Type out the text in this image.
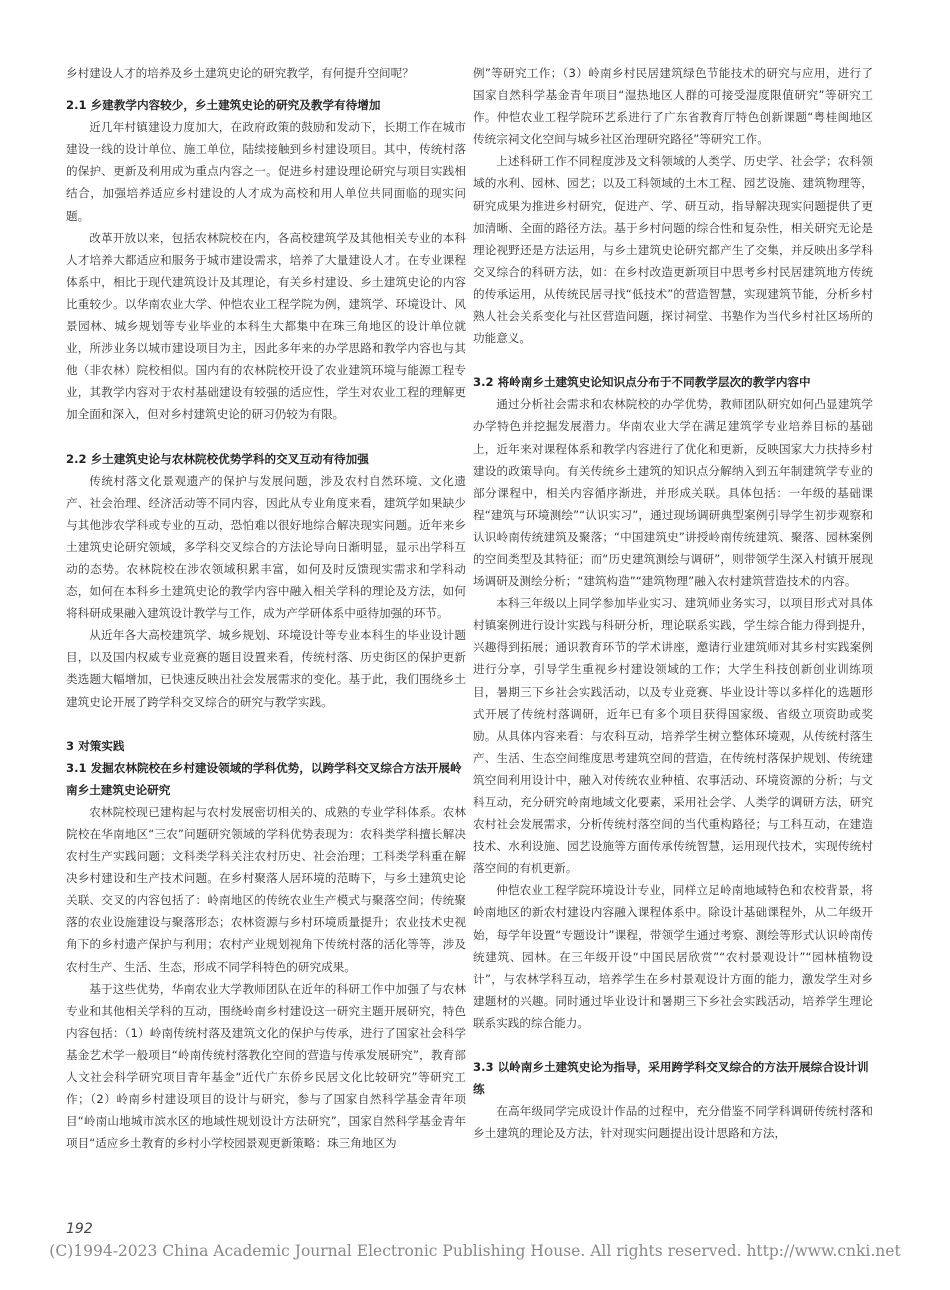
乡村建设人才的培养及乡土建筑史论的研究教学，有何提升空间呢？

2.1 乡建教学内容较少，乡土建筑史论的研究及教学有待增加

近几年村镇建设力度加大，在政府政策的鼓励和发动下，长期工作在城市建设一线的设计单位、施工单位，陆续接触到乡村建设项目。其中，传统村落的保护、更新及利用成为重点内容之一。促进乡村建设理论研究与项目实践相结合，加强培养适应乡村建设的人才成为高校和用人单位共同面临的现实问题。

改革开放以来，包括农林院校在内，各高校建筑学及其他相关专业的本科人才培养大都适应和服务于城市建设需求，培养了大量建设人才。在专业课程体系中，相比于现代建筑设计及其理论，有关乡村建设、乡土建筑史论的内容比重较少。以华南农业大学、仲恺农业工程学院为例，建筑学、环境设计、风景园林、城乡规划等专业毕业的本科生大都集中在珠三角地区的设计单位就业，所涉业务以城市建设项目为主，因此多年来的办学思路和教学内容也与其他（非农林）院校相似。国内有的农林院校开设了农业建筑环境与能源工程专业，其教学内容对于农村基础建设有较强的适应性，学生对农业工程的理解更加全面和深入，但对乡村建筑史论的研习仍较为有限。

2.2 乡土建筑史论与农林院校优势学科的交叉互动有待加强

传统村落文化景观遗产的保护与发展问题，涉及农村自然环境、文化遗产、社会治理、经济活动等不同内容，因此从专业角度来看，建筑学如果缺少与其他涉农学科或专业的互动，恐怕难以很好地综合解决现实问题。近年来乡土建筑史论研究领域，多学科交叉综合的方法论导向日渐明显，显示出学科互动的态势。农林院校在涉农领域积累丰富，如何及时反馈现实需求和学科动态，如何在本科乡土建筑史论的教学内容中融入相关学科的理论及方法，如何将科研成果融入建筑设计教学与工作，成为产学研体系中亟待加强的环节。

从近年各大高校建筑学、城乡规划、环境设计等专业本科生的毕业设计题目，以及国内权威专业竞赛的题目设置来看，传统村落、历史街区的保护更新类选题大幅增加，已快速反映出社会发展需求的变化。基于此，我们围绕乡土建筑史论开展了跨学科交叉综合的研究与教学实践。

3 对策实践
3.1 发掘农林院校在乡村建设领域的学科优势，以跨学科交叉综合方法开展岭南乡土建筑史论研究

农林院校现已建构起与农村发展密切相关的、成熟的专业学科体系。农林院校在华南地区“三农”问题研究领域的学科优势表现为：农科类学科擅长解决农村生产实践问题；文科类学科关注农村历史、社会治理；工科类学科重在解决乡村建设和生产技术问题。在乡村聚落人居环境的范畴下，与乡土建筑史论关联、交叉的内容包括了：岭南地区的传统农业生产模式与聚落空间；传统聚落的农业设施建设与聚落形态；农林资源与乡村环境质量提升；农业技术史视角下的乡村遗产保护与利用；农村产业规划视角下传统村落的活化等等，涉及农村生产、生活、生态，形成不同学科特色的研究成果。

基于这些优势，华南农业大学教师团队在近年的科研工作中加强了与农林专业和其他相关学科的互动，围绕岭南乡村建设这一研究主题开展研究，特色内容包括：（1）岭南传统村落及建筑文化的保护与传承，进行了国家社会科学基金艺术学一般项目“岭南传统村落教化空间的营造与传承发展研究”，教育部人文社会科学研究项目青年基金“近代广东侨乡民居文化比较研究”等研究工作；（2）岭南乡村建设项目的设计与研究，参与了国家自然科学基金青年项目“岭南山地城市滨水区的地域性规划设计方法研究”，国家自然科学基金青年项目“适应乡土教育的乡村小学校园景观更新策略：珠三角地区为

例”等研究工作；（3）岭南乡村民居建筑绿色节能技术的研究与应用，进行了国家自然科学基金青年项目“湿热地区人群的可接受湿度限值研究”等研究工作。仲恺农业工程学院环艺系进行了广东省教育厅特色创新课题“粤桂闽地区传统宗祠文化空间与城乡社区治理研究路径”等研究工作。

上述科研工作不同程度涉及文科领域的人类学、历史学、社会学；农科领域的水利、园林、园艺；以及工科领域的土木工程、园艺设施、建筑物理等，研究成果为推进乡村研究，促进产、学、研互动，指导解决现实问题提供了更加清晰、全面的路径方法。基于乡村问题的综合性和复杂性，相关研究无论是理论视野还是方法运用，与乡土建筑史论研究都产生了交集，并反映出多学科交叉综合的科研方法，如：在乡村改造更新项目中思考乡村民居建筑地方传统的传承运用，从传统民居寻找“低技术”的营造智慧，实现建筑节能，分析乡村熟人社会关系变化与社区营造问题，探讨祠堂、书塾作为当代乡村社区场所的功能意义。

3.2 将岭南乡土建筑史论知识点分布于不同教学层次的教学内容中

通过分析社会需求和农林院校的办学优势，教师团队研究如何凸显建筑学办学特色并挖掘发展潜力。华南农业大学在满足建筑学专业培养目标的基础上，近年来对课程体系和教学内容进行了优化和更新，反映国家大力扶持乡村建设的政策导向。有关传统乡土建筑的知识点分解纳入到五年制建筑学专业的部分课程中，相关内容循序渐进，并形成关联。具体包括：一年级的基础课程“建筑与环境测绘”“认识实习”，通过现场调研典型案例引导学生初步观察和认识岭南传统建筑及聚落；“中国建筑史”讲授岭南传统建筑、聚落、园林案例的空间类型及其特征；而“历史建筑测绘与调研”，则带领学生深入村镇开展现场调研及测绘分析；“建筑构造”“建筑物理”融入农村建筑营造技术的内容。

本科三年级以上同学参加毕业实习、建筑师业务实习，以项目形式对具体村镇案例进行设计实践与科研分析，理论联系实践，学生综合能力得到提升，兴趣得到拓展；通识教育环节的学术讲座，邀请行业建筑师对其乡村实践案例进行分享，引导学生重视乡村建设领域的工作；大学生科技创新创业训练项目，暑期三下乡社会实践活动，以及专业竞赛、毕业设计等以多样化的选题形式开展了传统村落调研，近年已有多个项目获得国家级、省级立项资助或奖励。从具体内容来看：与农科互动，培养学生树立整体环境观，从传统村落生产、生活、生态空间维度思考建筑空间的营造，在传统村落保护规划、传统建筑空间利用设计中，融入对传统农业种植、农事活动、环境资源的分析；与文科互动，充分研究岭南地域文化要素，采用社会学、人类学的调研方法，研究农村社会发展需求，分析传统村落空间的当代重构路径；与工科互动，在建造技术、水利设施、园艺设施等方面传承传统智慧，运用现代技术，实现传统村落空间的有机更新。

仲恺农业工程学院环境设计专业，同样立足岭南地域特色和农校背景，将岭南地区的新农村建设内容融入课程体系中。除设计基础课程外，从二年级开始，每学年设置“专题设计”课程，带领学生通过考察、测绘等形式认识岭南传统建筑、园林。在三年级开设“中国民居欣赏”“农村景观设计”“园林植物设计”，与农林学科互动，培养学生在乡村景观设计方面的能力，激发学生对乡建题材的兴趣。同时通过毕业设计和暑期三下乡社会实践活动，培养学生理论联系实践的综合能力。

3.3 以岭南乡土建筑史论为指导，采用跨学科交叉综合的方法开展综合设计训练

在高年级同学完成设计作品的过程中，充分借鉴不同学科调研传统村落和乡土建筑的理论及方法，针对现实问题提出设计思路和方法，

192
(C)1994-2023 China Academic Journal Electronic Publishing House. All rights reserved. http://www.cnki.net
